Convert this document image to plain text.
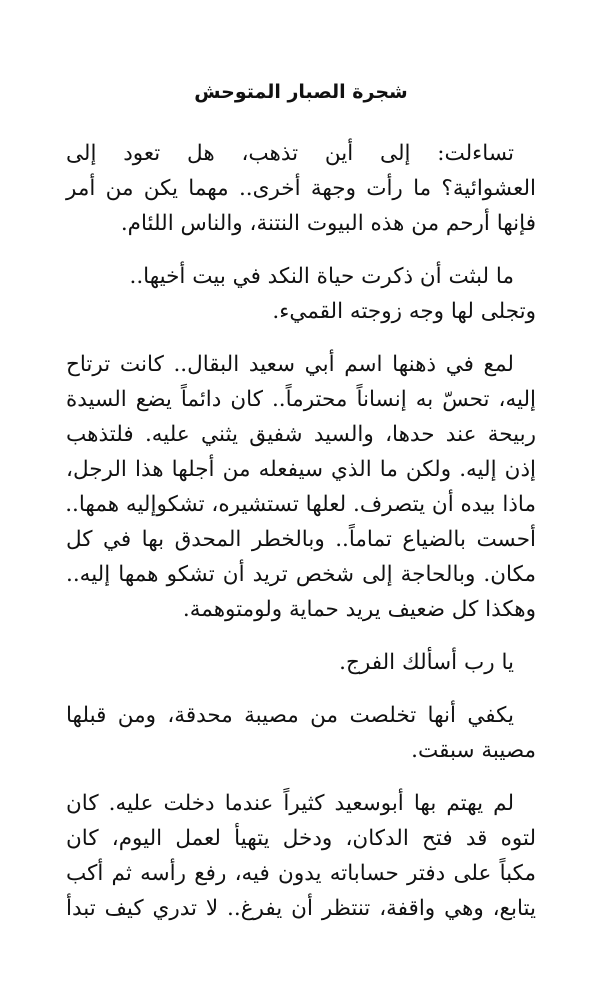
شجرة الصبار المتوحش
تساءلت: إلى أين تذهب، هل تعود إلى
العشوائية؟ ما رأت وجهة أخرى.. مهما يكن من أمر
فإنها أرحم من هذه البيوت النتنة، والناس اللئام.
ما لبثت أن ذكرت حياة النكد في بيت أخيها..
وتجلى لها وجه زوجته القميء.
لمع في ذهنها اسم أبي سعيد البقال.. كانت ترتاح
إليه، تحسّ به إنساناً محترماً.. كان دائماً يضع السيدة
ربيحة عند حدها، والسيد شفيق يثني عليه. فلتذهب
إذن إليه. ولكن ما الذي سيفعله من أجلها هذا الرجل،
ماذا بيده أن يتصرف. لعلها تستشيره، تشكوإليه همها..
أحست بالضياع تماماً.. وبالخطر المحدق بها في كل
مكان. وبالحاجة إلى شخص تريد أن تشكو همها إليه..
وهكذا كل ضعيف يريد حماية ولومتوهمة.
يا رب أسألك الفرج.
يكفي أنها تخلصت من مصيبة محدقة، ومن قبلها
مصيبة سبقت.
لم يهتم بها أبوسعيد كثيراً عندما دخلت عليه. كان
لتوه قد فتح الدكان، ودخل يتهيأ لعمل اليوم، كان
مكباً على دفتر حساباته يدون فيه، رفع رأسه ثم أكب
يتابع، وهي واقفة، تنتظر أن يفرغ.. لا تدري كيف تبدأ
